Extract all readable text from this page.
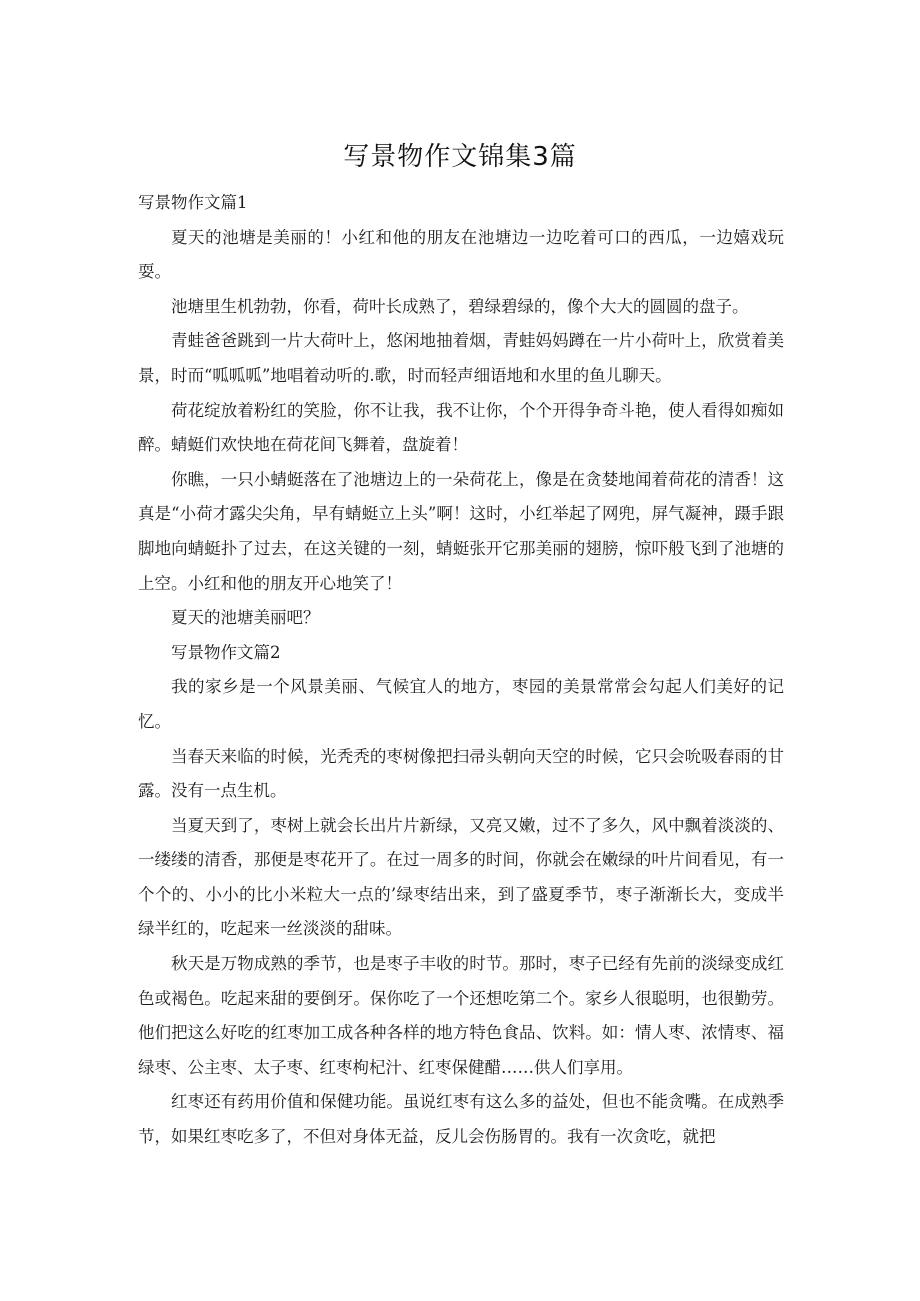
写景物作文锦集3篇

写景物作文篇1

夏天的池塘是美丽的！小红和他的朋友在池塘边一边吃着可口的西瓜，一边嬉戏玩耍。

池塘里生机勃勃，你看，荷叶长成熟了，碧绿碧绿的，像个大大的圆圆的盘子。

青蛙爸爸跳到一片大荷叶上，悠闲地抽着烟，青蛙妈妈蹲在一片小荷叶上，欣赏着美景，时而“呱呱呱”地唱着动听的.歌，时而轻声细语地和水里的鱼儿聊天。

荷花绽放着粉红的笑脸，你不让我，我不让你，个个开得争奇斗艳，使人看得如痴如醉。蜻蜓们欢快地在荷花间飞舞着，盘旋着！

你瞧，一只小蜻蜓落在了池塘边上的一朵荷花上，像是在贪婪地闻着荷花的清香！这真是“小荷才露尖尖角，早有蜻蜓立上头”啊！这时，小红举起了网兜，屏气凝神，蹑手跟脚地向蜻蜓扑了过去，在这关键的一刻，蜻蜓张开它那美丽的翅膀，惊吓般飞到了池塘的上空。小红和他的朋友开心地笑了！

夏天的池塘美丽吧？

写景物作文篇2

我的家乡是一个风景美丽、气候宜人的地方，枣园的美景常常会勾起人们美好的记忆。

当春天来临的时候，光秃秃的枣树像把扫帚头朝向天空的时候，它只会吮吸春雨的甘露。没有一点生机。

当夏天到了，枣树上就会长出片片新绿，又亮又嫩，过不了多久，风中飘着淡淡的、一缕缕的清香，那便是枣花开了。在过一周多的时间，你就会在嫩绿的叶片间看见，有一个个的、小小的比小米粒大一点的’绿枣结出来，到了盛夏季节，枣子渐渐长大，变成半绿半红的，吃起来一丝淡淡的甜味。

秋天是万物成熟的季节，也是枣子丰收的时节。那时，枣子已经有先前的淡绿变成红色或褐色。吃起来甜的要倒牙。保你吃了一个还想吃第二个。家乡人很聪明，也很勤劳。他们把这么好吃的红枣加工成各种各样的地方特色食品、饮料。如：情人枣、浓情枣、福绿枣、公主枣、太子枣、红枣枸杞汁、红枣保健醋……供人们享用。

红枣还有药用价值和保健功能。虽说红枣有这么多的益处，但也不能贪嘴。在成熟季节，如果红枣吃多了，不但对身体无益，反儿会伤肠胃的。我有一次贪吃，就把
